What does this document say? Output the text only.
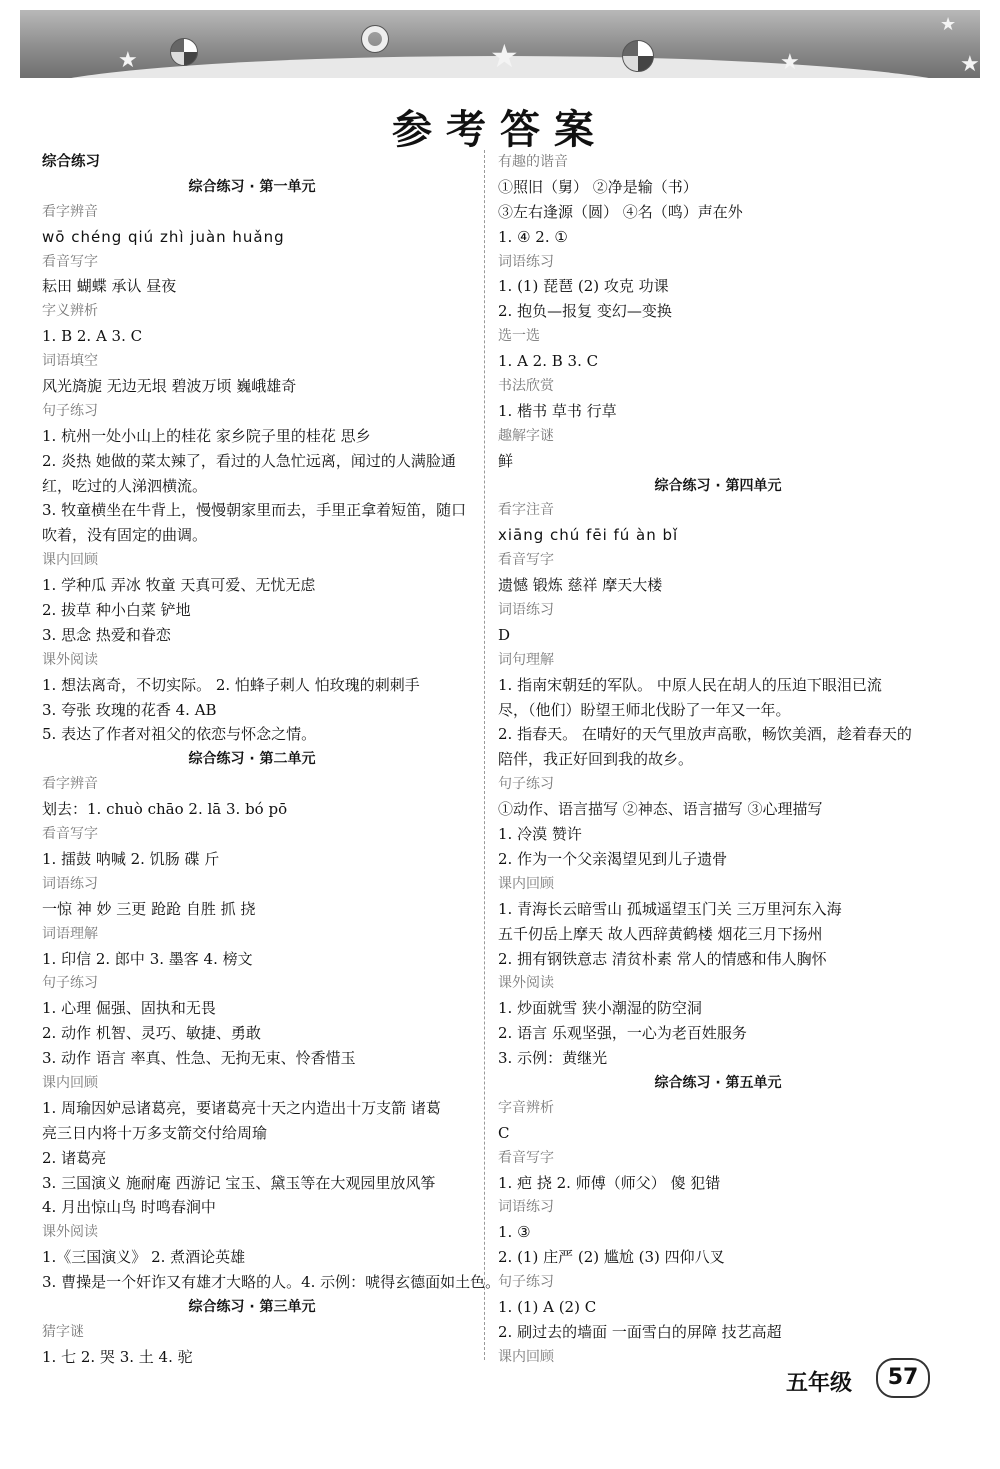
★	★	★
★
★
参考答案
综合练习
综合练习 · 第一单元
看字辨音
wō chéng qiú zhì juàn huǎng
看音写字
耘田 蝴蝶 承认 昼夜
字义辨析
1. B 2. A 3. C
词语填空
风光旖旎 无边无垠 碧波万顷 巍峨雄奇
句子练习
1. 杭州一处小山上的桂花 家乡院子里的桂花 思乡
2. 炎热 她做的菜太辣了，看过的人急忙远离，闻过的人满脸通
红，吃过的人涕泗横流。
3. 牧童横坐在牛背上，慢慢朝家里而去，手里正拿着短笛，随口
吹着，没有固定的曲调。
课内回顾
1. 学种瓜 弄冰 牧童 天真可爱、无忧无虑
2. 拔草 种小白菜 铲地
3. 思念 热爱和眷恋
课外阅读
1. 想法离奇，不切实际。 2. 怕蜂子刺人 怕玫瑰的刺刺手
3. 夸张 玫瑰的花香 4. AB
5. 表达了作者对祖父的依恋与怀念之情。
综合练习 · 第二单元
看字辨音
划去：1. chuò chāo 2. lā 3. bó pō
看音写字
1. 擂鼓 呐喊 2. 饥肠 碟 斤
词语练习
一惊 神 妙 三更 跄跄 自胜 抓 挠
词语理解
1. 印信 2. 郎中 3. 墨客 4. 榜文
句子练习
1. 心理 倔强、固执和无畏
2. 动作 机智、灵巧、敏捷、勇敢
3. 动作 语言 率真、性急、无拘无束、怜香惜玉
课内回顾
1. 周瑜因妒忌诸葛亮，要诸葛亮十天之内造出十万支箭 诸葛
亮三日内将十万多支箭交付给周瑜
2. 诸葛亮
3. 三国演义 施耐庵 西游记 宝玉、黛玉等在大观园里放风筝
4. 月出惊山鸟 时鸣春涧中
课外阅读
1.《三国演义》 2. 煮酒论英雄
3. 曹操是一个奸诈又有雄才大略的人。4. 示例：唬得玄德面如土色。
综合练习 · 第三单元
猜字谜
1. 七 2. 哭 3. 土 4. 驼
有趣的谐音
①照旧（舅） ②净是输（书）
③左右逢源（圆） ④名（鸣）声在外
1. ④ 2. ①
词语练习
1. (1) 琵琶 (2) 攻克 功课
2. 抱负—报复 变幻—变换
选一选
1. A 2. B 3. C
书法欣赏
1. 楷书 草书 行草
趣解字谜
鲜
综合练习 · 第四单元
看字注音
xiāng chú fēi fú àn bǐ
看音写字
遗憾 锻炼 慈祥 摩天大楼
词语练习
D
词句理解
1. 指南宋朝廷的军队。 中原人民在胡人的压迫下眼泪已流
尽，（他们）盼望王师北伐盼了一年又一年。
2. 指春天。 在晴好的天气里放声高歌，畅饮美酒，趁着春天的
陪伴，我正好回到我的故乡。
句子练习
①动作、语言描写 ②神态、语言描写 ③心理描写
1. 冷漠 赞许
2. 作为一个父亲渴望见到儿子遗骨
课内回顾
1. 青海长云暗雪山 孤城遥望玉门关 三万里河东入海
五千仞岳上摩天 故人西辞黄鹤楼 烟花三月下扬州
2. 拥有钢铁意志 清贫朴素 常人的情感和伟人胸怀
课外阅读
1. 炒面就雪 狭小潮湿的防空洞
2. 语言 乐观坚强，一心为老百姓服务
3. 示例：黄继光
综合练习 · 第五单元
字音辨析
C
看音写字
1. 疤 挠 2. 师傅（师父） 傻 犯错
词语练习
1. ③
2. (1) 庄严 (2) 尴尬 (3) 四仰八叉
句子练习
1. (1) A (2) C
2. 刷过去的墙面 一面雪白的屏障 技艺高超
课内回顾
五年级	57
